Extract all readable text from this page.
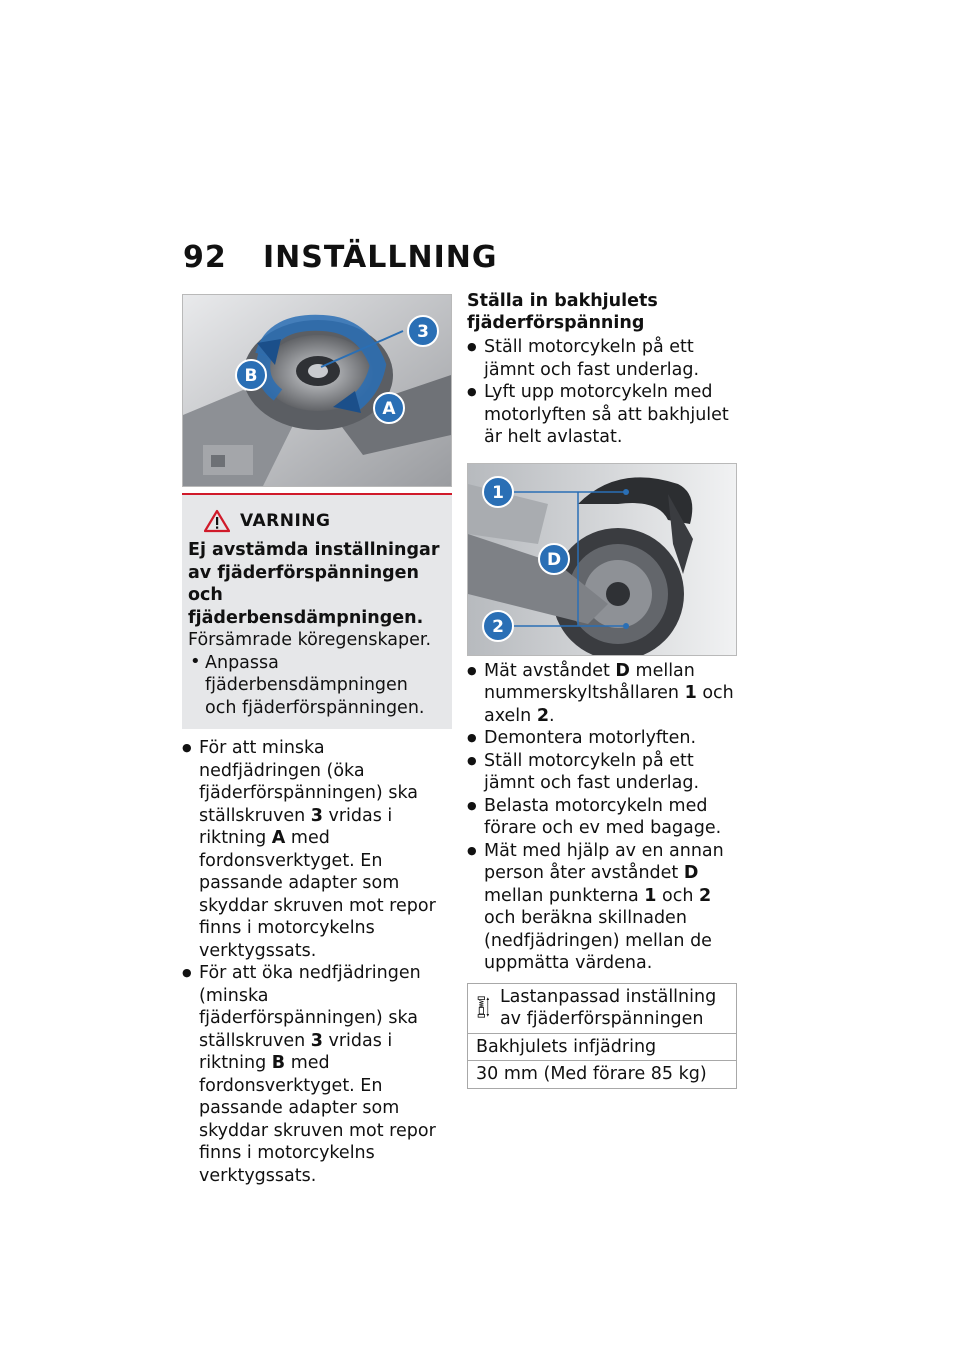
92 INSTÄLLNING
3
B
A
VARNING
Ej avstämda inställningar av fjäderförspänningen och fjäderbensdämpningen.
Försämrade köregenskaper.
• Anpassa fjäderbensdämpningen och fjäderförspänningen.
● För att minska nedfjädringen (öka fjäderförspänningen) ska ställskruven 3 vridas i riktning A med fordonsverktyget. En passande adapter som skyddar skruven mot repor finns i motorcykelns verktygssats.
● För att öka nedfjädringen (minska fjäderförspänningen) ska ställskruven 3 vridas i riktning B med fordonsverktyget. En passande adapter som skyddar skruven mot repor finns i motorcykelns verktygssats.
Ställa in bakhjulets fjäderförspänning
● Ställ motorcykeln på ett jämnt och fast underlag.
● Lyft upp motorcykeln med motorlyften så att bakhjulet är helt avlastat.
1
D
2
● Mät avståndet D mellan nummerskyltshållaren 1 och axeln 2.
● Demontera motorlyften.
● Ställ motorcykeln på ett jämnt och fast underlag.
● Belasta motorcykeln med förare och ev med bagage.
● Mät med hjälp av en annan person åter avståndet D mellan punkterna 1 och 2 och beräkna skillnaden (nedfjädringen) mellan de uppmätta värdena.
Lastanpassad inställning av fjäderförspänningen

Bakhjulets infjädring
30 mm (Med förare 85 kg)
